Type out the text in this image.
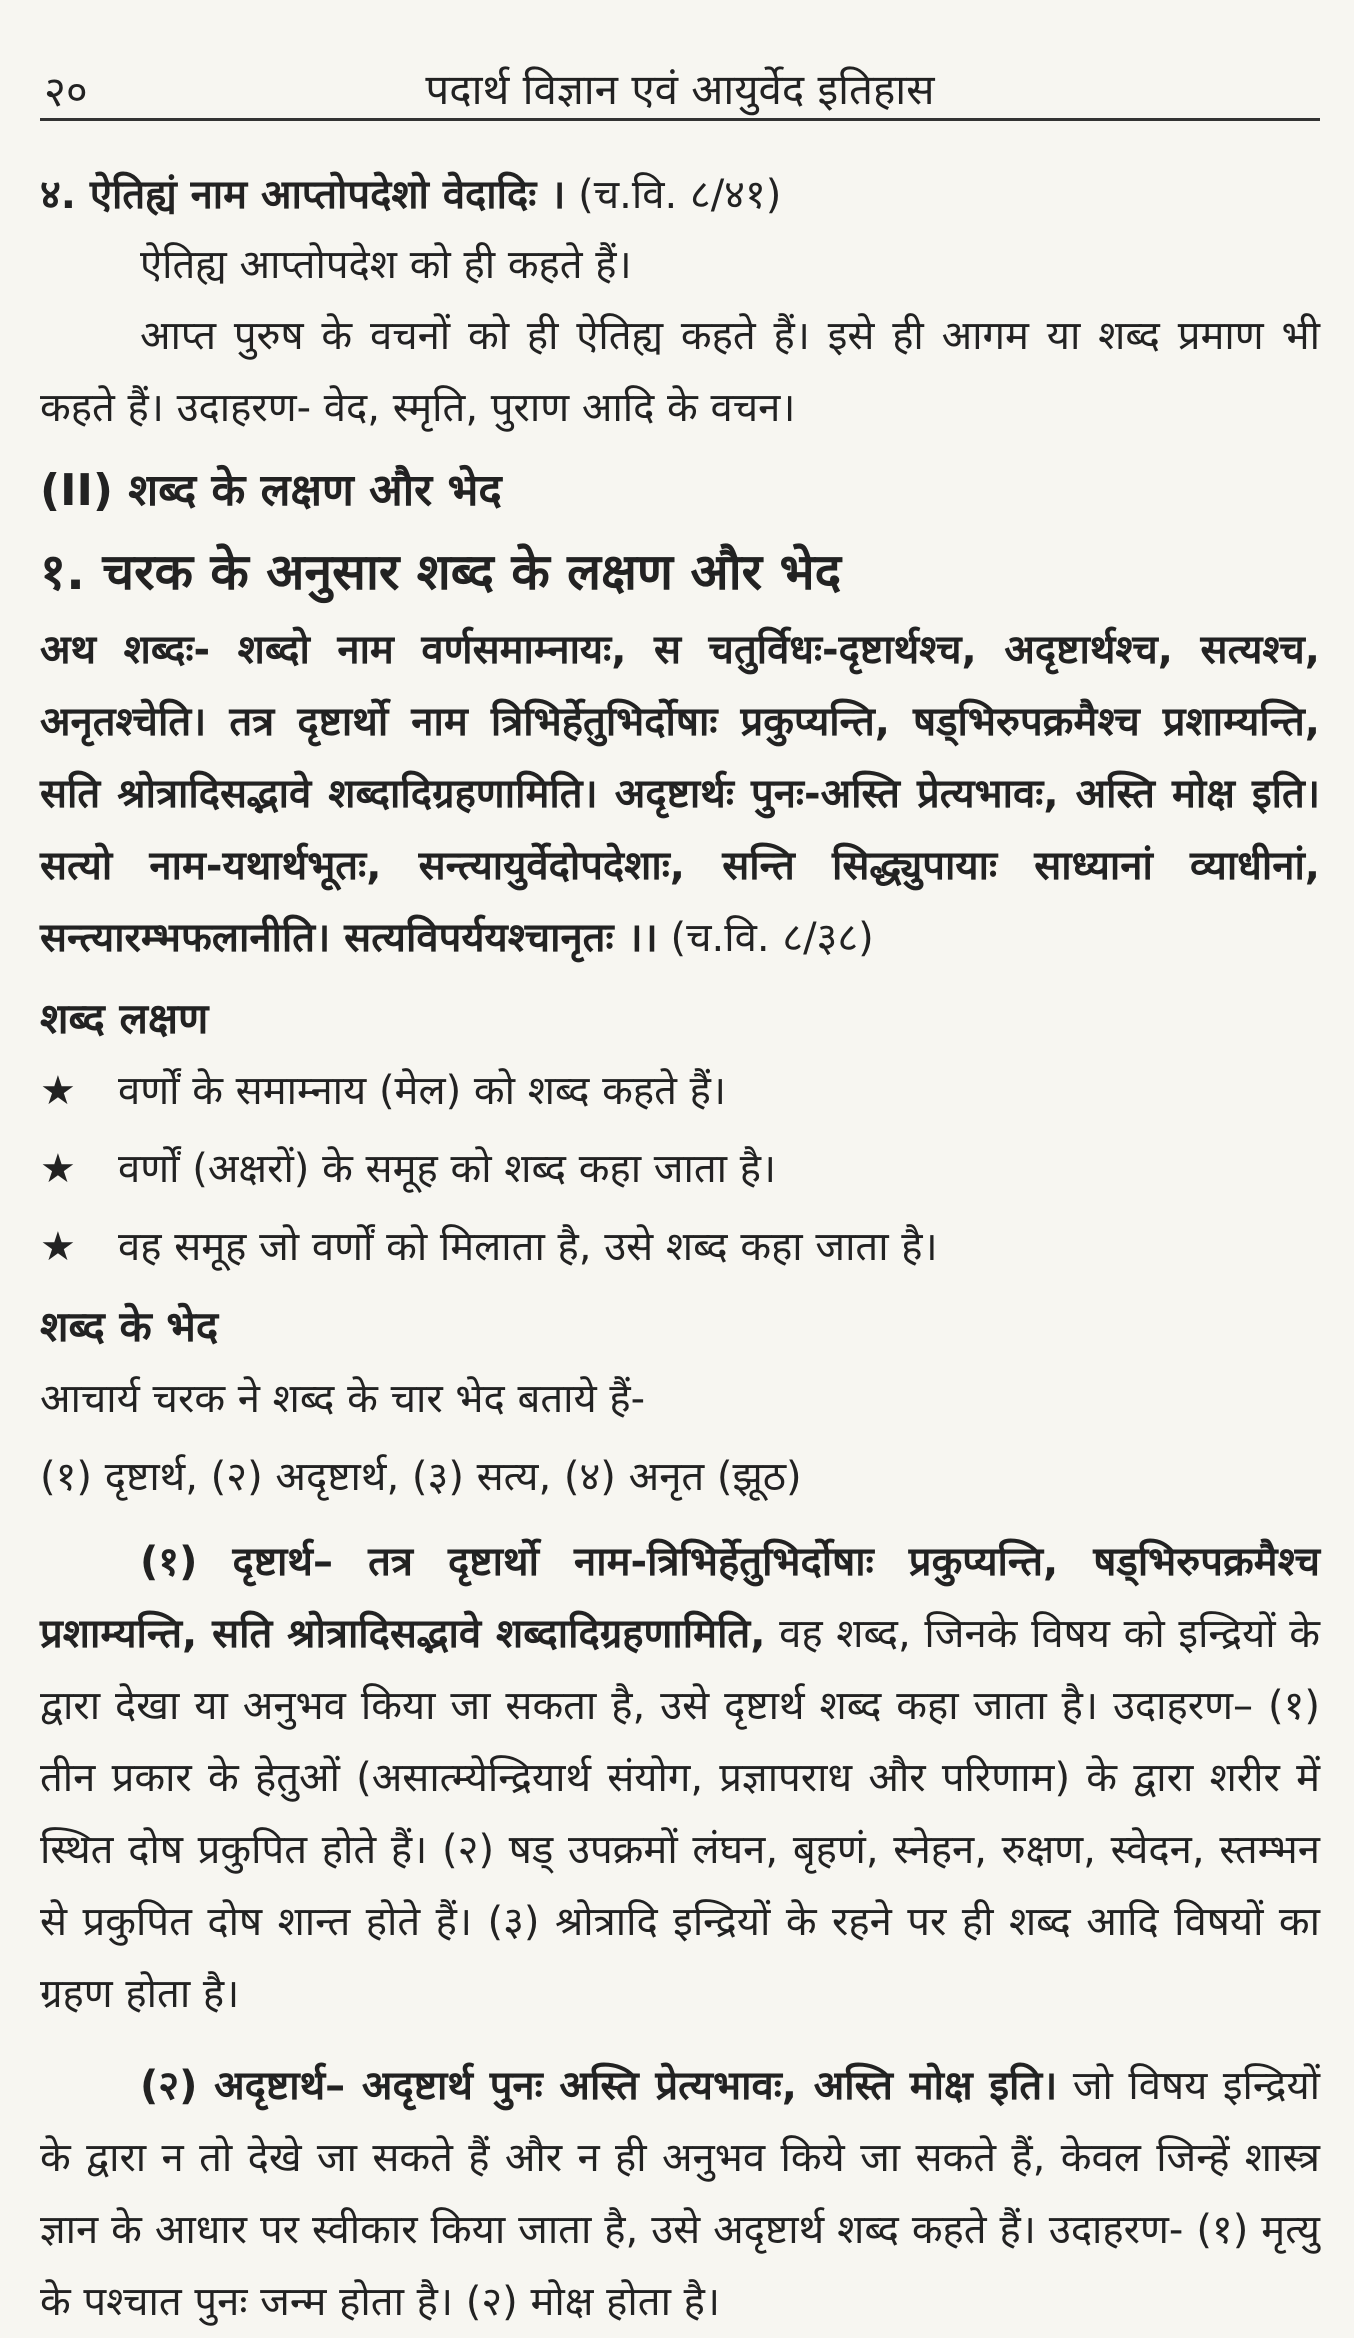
२०	पदार्थ विज्ञान एवं आयुर्वेद इतिहास

४. ऐतिह्यं नाम आप्तोपदेशो वेदादिः । (च.वि. ८/४१)

ऐतिह्य आप्तोपदेश को ही कहते हैं।

आप्त पुरुष के वचनों को ही ऐतिह्य कहते हैं। इसे ही आगम या शब्द प्रमाण भी कहते हैं। उदाहरण- वेद, स्मृति, पुराण आदि के वचन।

(II) शब्द के लक्षण और भेद

१. चरक के अनुसार शब्द के लक्षण और भेद

अथ शब्दः- शब्दो नाम वर्णसमाम्नायः, स चतुर्विधः-दृष्टार्थश्च, अदृष्टार्थश्च, सत्यश्च, अनृतश्चेति। तत्र दृष्टार्थो नाम त्रिभिर्हेतुभिर्दोषाः प्रकुप्यन्ति, षड्भिरुपक्रमैश्च प्रशाम्यन्ति, सति श्रोत्रादिसद्भावे शब्दादिग्रहणामिति। अदृष्टार्थः पुनः-अस्ति प्रेत्यभावः, अस्ति मोक्ष इति। सत्यो नाम-यथार्थभूतः, सन्त्यायुर्वेदोपदेशाः, सन्ति सिद्ध्युपायाः साध्यानां व्याधीनां, सन्त्यारम्भफलानीति। सत्यविपर्ययश्चानृतः ।। (च.वि. ८/३८)

शब्द लक्षण

★ वर्णों के समाम्नाय (मेल) को शब्द कहते हैं।

★ वर्णों (अक्षरों) के समूह को शब्द कहा जाता है।

★ वह समूह जो वर्णों को मिलाता है, उसे शब्द कहा जाता है।

शब्द के भेद

आचार्य चरक ने शब्द के चार भेद बताये हैं-

(१) दृष्टार्थ, (२) अदृष्टार्थ, (३) सत्य, (४) अनृत (झूठ)

(१) दृष्टार्थ– तत्र दृष्टार्थो नाम-त्रिभिर्हेतुभिर्दोषाः प्रकुप्यन्ति, षड्भिरुपक्रमैश्च प्रशाम्यन्ति, सति श्रोत्रादिसद्भावे शब्दादिग्रहणामिति, वह शब्द, जिनके विषय को इन्द्रियों के द्वारा देखा या अनुभव किया जा सकता है, उसे दृष्टार्थ शब्द कहा जाता है। उदाहरण– (१) तीन प्रकार के हेतुओं (असात्म्येन्द्रियार्थ संयोग, प्रज्ञापराध और परिणाम) के द्वारा शरीर में स्थित दोष प्रकुपित होते हैं। (२) षड् उपक्रमों लंघन, बृहणं, स्नेहन, रुक्षण, स्वेदन, स्तम्भन से प्रकुपित दोष शान्त होते हैं। (३) श्रोत्रादि इन्द्रियों के रहने पर ही शब्द आदि विषयों का ग्रहण होता है।

(२) अदृष्टार्थ– अदृष्टार्थ पुनः अस्ति प्रेत्यभावः, अस्ति मोक्ष इति। जो विषय इन्द्रियों के द्वारा न तो देखे जा सकते हैं और न ही अनुभव किये जा सकते हैं, केवल जिन्हें शास्त्र ज्ञान के आधार पर स्वीकार किया जाता है, उसे अदृष्टार्थ शब्द कहते हैं। उदाहरण- (१) मृत्यु के पश्चात पुनः जन्म होता है। (२) मोक्ष होता है।
